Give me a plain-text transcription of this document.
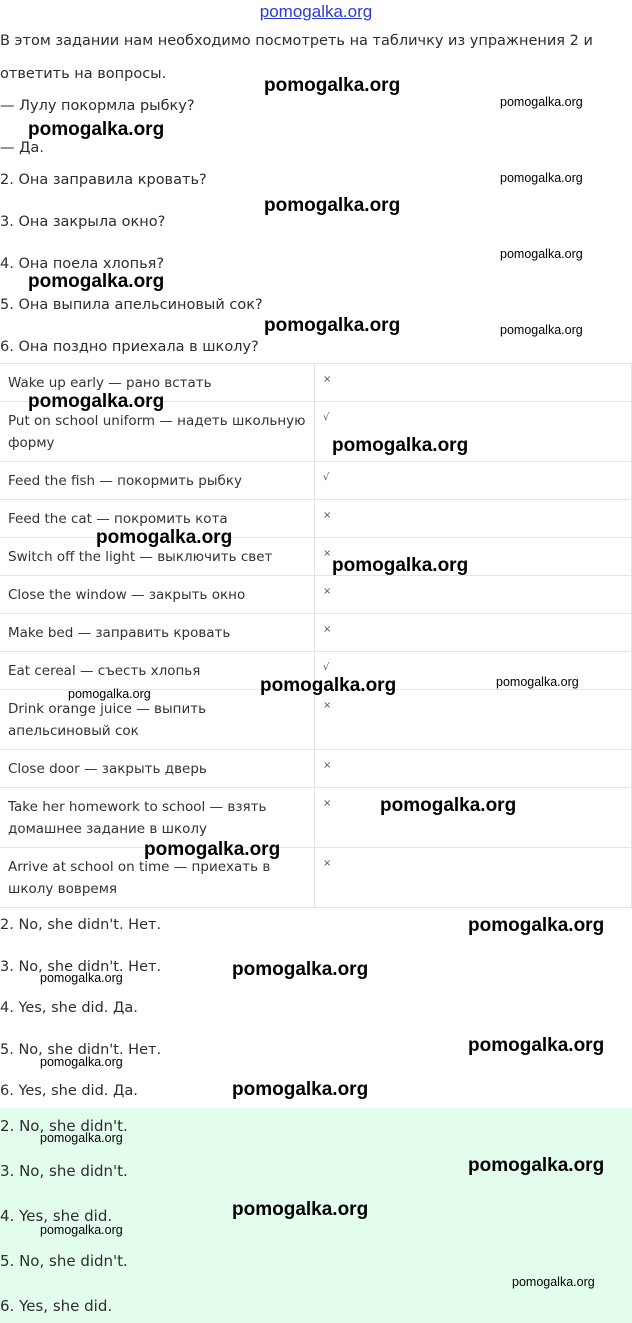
pomogalka.org
В этом задании нам необходимо посмотреть на табличку из упражнения 2 и
ответить на вопросы.
— Лулу покормла рыбку?
— Да.
2. Она заправила кровать?
3. Она закрыла окно?
4. Она поела хлопья?
5. Она выпила апельсиновый сок?
6. Она поздно приехала в школу?
Wake up early — рано встать	×
Put on school uniform — надеть школьную форму	√
Feed the fish — покормить рыбку	√
Feed the cat — покромить кота	×
Switch off the light — выключить свет	×
Close the window — закрыть окно	×
Make bed — заправить кровать	×
Eat cereal — съесть хлопья	√
Drink orange juice — выпить апельсиновый сок	×
Close door — закрыть дверь	×
Take her homework to school — взять домашнее задание в школу	×
Arrive at school on time — приехать в школу вовремя	×
2. No, she didn't. Нет.
3. No, she didn't. Нет.
4. Yes, she did. Да.
5. No, she didn't. Нет.
6. Yes, she did. Да.
2. No, she didn't.
3. No, she didn't.
4. Yes, she did.
5. No, she didn't.
6. Yes, she did.
pomogalka.org
pomogalka.org
pomogalka.org
pomogalka.org
pomogalka.org
pomogalka.org
pomogalka.org
pomogalka.org	pomogalka.org
pomogalka.org
pomogalka.org
pomogalka.org
pomogalka.org
pomogalka.org	pomogalka.org
pomogalka.org
pomogalka.org
pomogalka.org
pomogalka.org
pomogalka.org
pomogalka.org
pomogalka.org
pomogalka.org
pomogalka.org
pomogalka.org
pomogalka.org
pomogalka.org
pomogalka.org
pomogalka.org
